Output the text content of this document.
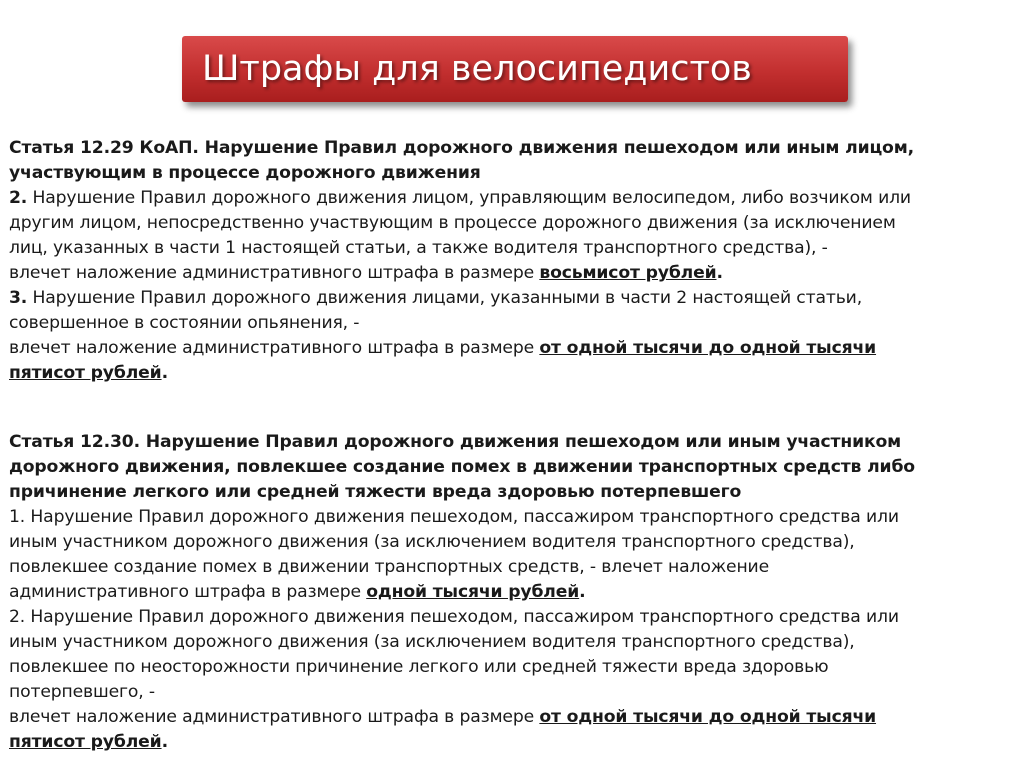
Штрафы для велосипедистов
Статья 12.29 КоАП. Нарушение Правил дорожного движения пешеходом или иным лицом,
участвующим в процессе дорожного движения
2. Нарушение Правил дорожного движения лицом, управляющим велосипедом, либо возчиком или
другим лицом, непосредственно участвующим в процессе дорожного движения (за исключением
лиц, указанных в части 1 настоящей статьи, а также водителя транспортного средства), -
влечет наложение административного штрафа в размере восьмисот рублей.
3. Нарушение Правил дорожного движения лицами, указанными в части 2 настоящей статьи,
совершенное в состоянии опьянения, -
влечет наложение административного штрафа в размере от одной тысячи до одной тысячи
пятисот рублей.
Статья 12.30. Нарушение Правил дорожного движения пешеходом или иным участником
дорожного движения, повлекшее создание помех в движении транспортных средств либо
причинение легкого или средней тяжести вреда здоровью потерпевшего
1. Нарушение Правил дорожного движения пешеходом, пассажиром транспортного средства или
иным участником дорожного движения (за исключением водителя транспортного средства),
повлекшее создание помех в движении транспортных средств, - влечет наложение
административного штрафа в размере одной тысячи рублей.
2. Нарушение Правил дорожного движения пешеходом, пассажиром транспортного средства или
иным участником дорожного движения (за исключением водителя транспортного средства),
повлекшее по неосторожности причинение легкого или средней тяжести вреда здоровью
потерпевшего, -
влечет наложение административного штрафа в размере от одной тысячи до одной тысячи
пятисот рублей.
